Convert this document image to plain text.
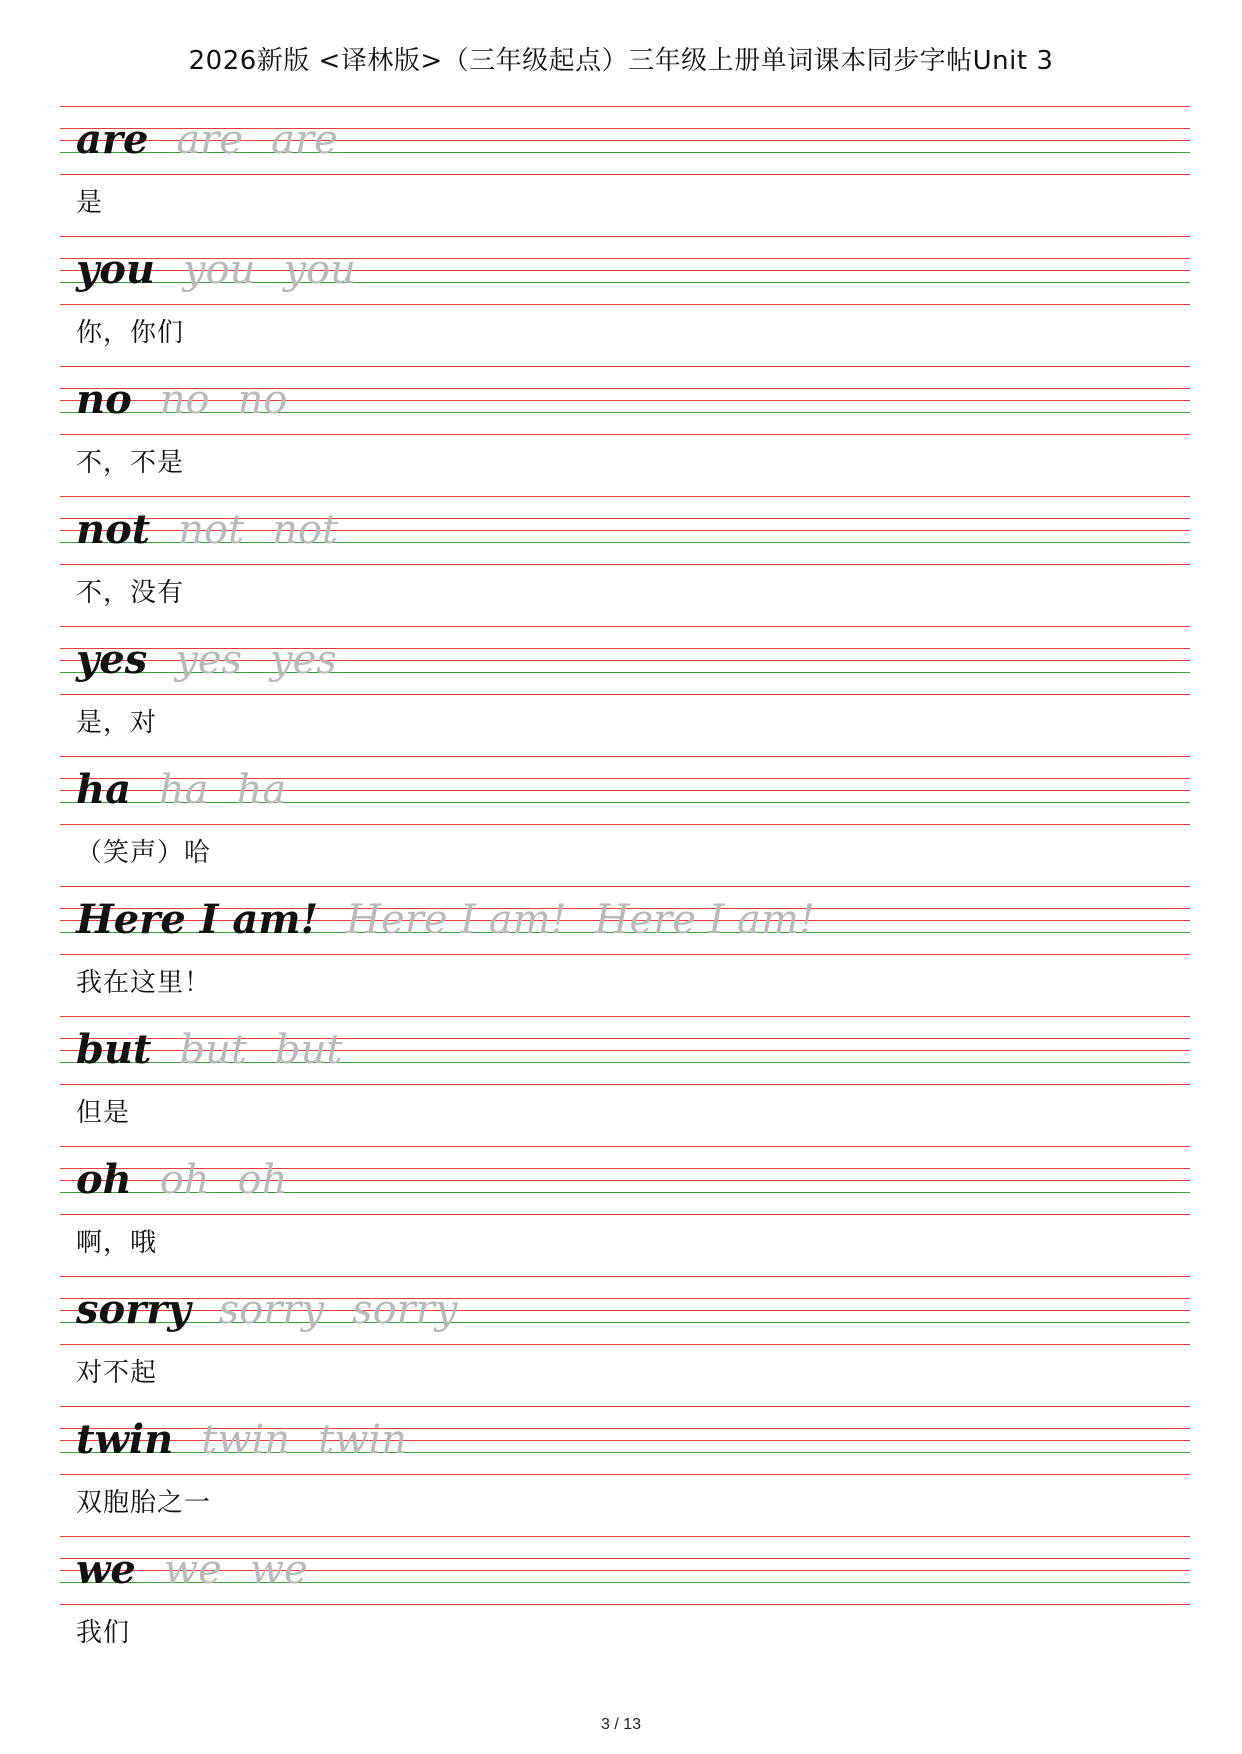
2026新版 <译林版>（三年级起点）三年级上册单词课本同步字帖Unit 3
are are are
是
you you you
你，你们
no no no
不，不是
not not not
不，没有
yes yes yes
是，对
ha ha ha
（笑声）哈
Here I am! Here I am! Here I am!
我在这里！
but but but
但是
oh oh oh
啊，哦
sorry sorry sorry
对不起
twin twin twin
双胞胎之一
we we we
我们
3 / 13
